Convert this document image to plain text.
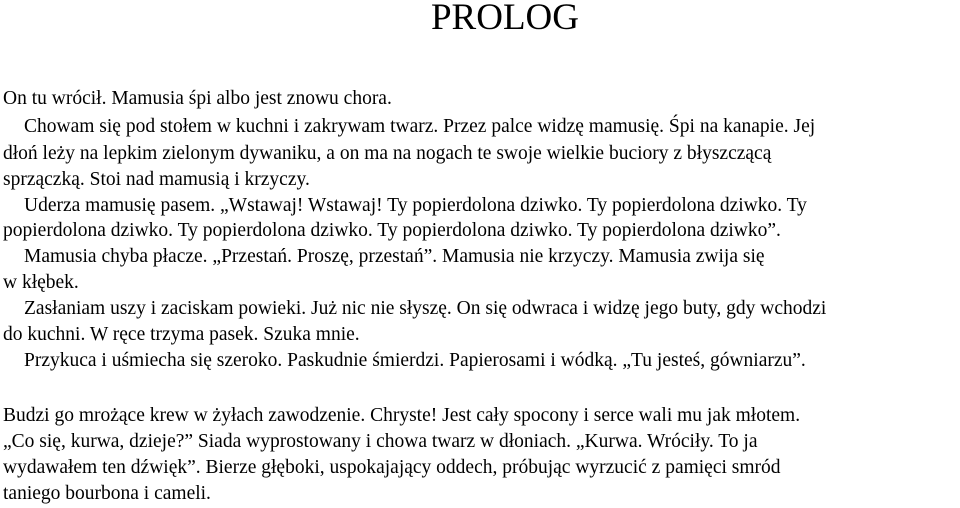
PROLOG
On tu wrócił. Mamusia śpi albo jest znowu chora.
Chowam się pod stołem w kuchni i zakrywam twarz. Przez palce widzę mamusię. Śpi na kanapie. Jej
dłoń leży na lepkim zielonym dywaniku, a on ma na nogach te swoje wielkie buciory z błyszczącą
sprzączką. Stoi nad mamusią i krzyczy.
Uderza mamusię pasem. „Wstawaj! Wstawaj! Ty popierdolona dziwko. Ty popierdolona dziwko. Ty
popierdolona dziwko. Ty popierdolona dziwko. Ty popierdolona dziwko. Ty popierdolona dziwko”.
Mamusia chyba płacze. „Przestań. Proszę, przestań”. Mamusia nie krzyczy. Mamusia zwija się
w kłębek.
Zasłaniam uszy i zaciskam powieki. Już nic nie słyszę. On się odwraca i widzę jego buty, gdy wchodzi
do kuchni. W ręce trzyma pasek. Szuka mnie.
Przykuca i uśmiecha się szeroko. Paskudnie śmierdzi. Papierosami i wódką. „Tu jesteś, gówniarzu”.
Budzi go mrożące krew w żyłach zawodzenie. Chryste! Jest cały spocony i serce wali mu jak młotem.
„Co się, kurwa, dzieje?” Siada wyprostowany i chowa twarz w dłoniach. „Kurwa. Wróciły. To ja
wydawałem ten dźwięk”. Bierze głęboki, uspokajający oddech, próbując wyrzucić z pamięci smród
taniego bourbona i cameli.
